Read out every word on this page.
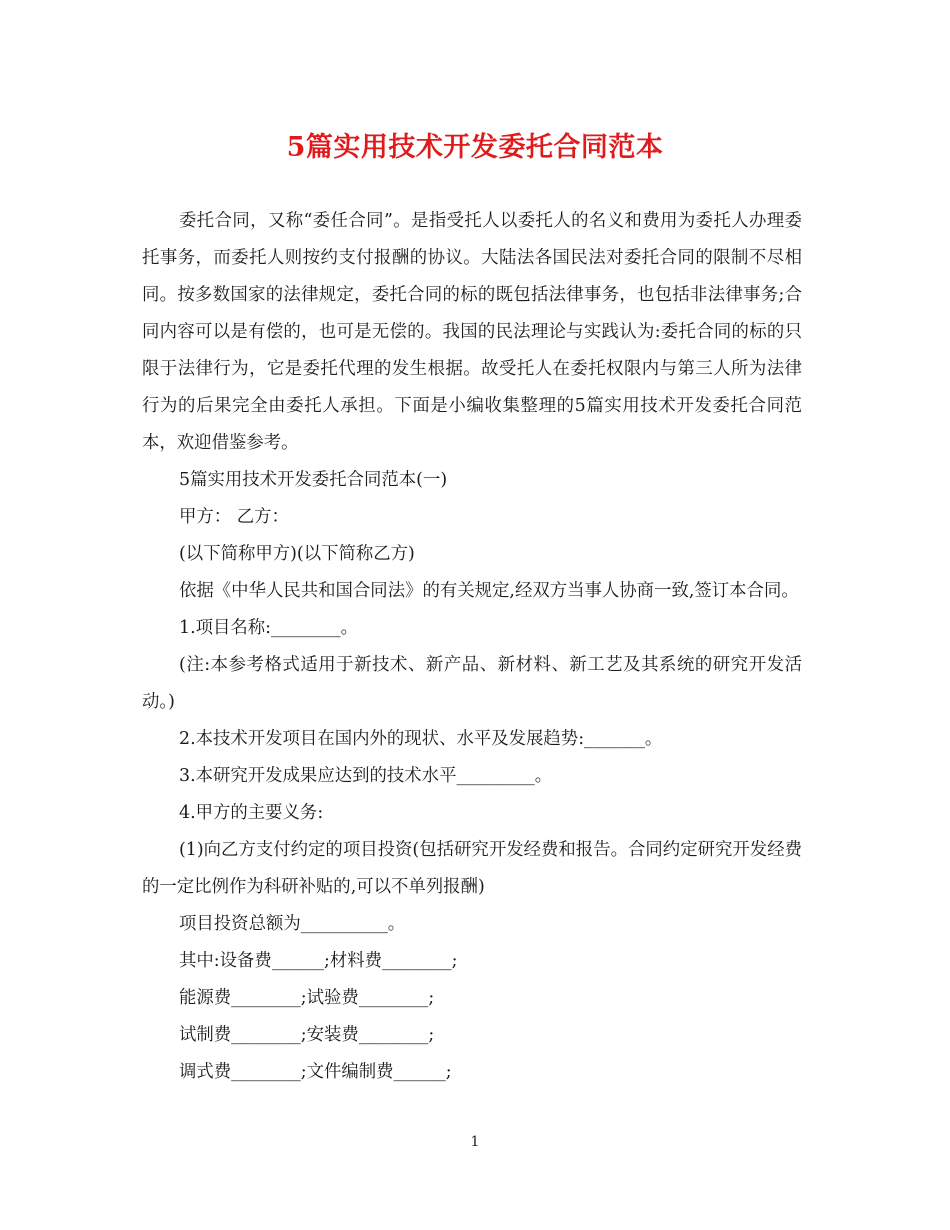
5篇实用技术开发委托合同范本

委托合同，又称“委任合同”。是指受托人以委托人的名义和费用为委托人办理委托事务，而委托人则按约支付报酬的协议。大陆法各国民法对委托合同的限制不尽相同。按多数国家的法律规定，委托合同的标的既包括法律事务，也包括非法律事务;合同内容可以是有偿的，也可是无偿的。我国的民法理论与实践认为:委托合同的标的只限于法律行为，它是委托代理的发生根据。故受托人在委托权限内与第三人所为法律行为的后果完全由委托人承担。下面是小编收集整理的5篇实用技术开发委托合同范本，欢迎借鉴参考。

5篇实用技术开发委托合同范本(一)

甲方： 乙方：

(以下简称甲方)(以下简称乙方)

依据《中华人民共和国合同法》的有关规定,经双方当事人协商一致,签订本合同。

1.项目名称:________。

(注:本参考格式适用于新技术、新产品、新材料、新工艺及其系统的研究开发活动。)

2.本技术开发项目在国内外的现状、水平及发展趋势:_______。

3.本研究开发成果应达到的技术水平_________。

4.甲方的主要义务:

(1)向乙方支付约定的项目投资(包括研究开发经费和报告。合同约定研究开发经费的一定比例作为科研补贴的,可以不单列报酬)

项目投资总额为__________。

其中:设备费______;材料费________;

能源费________;试验费________;

试制费________;安装费________;

调式费________;文件编制费______;

1
